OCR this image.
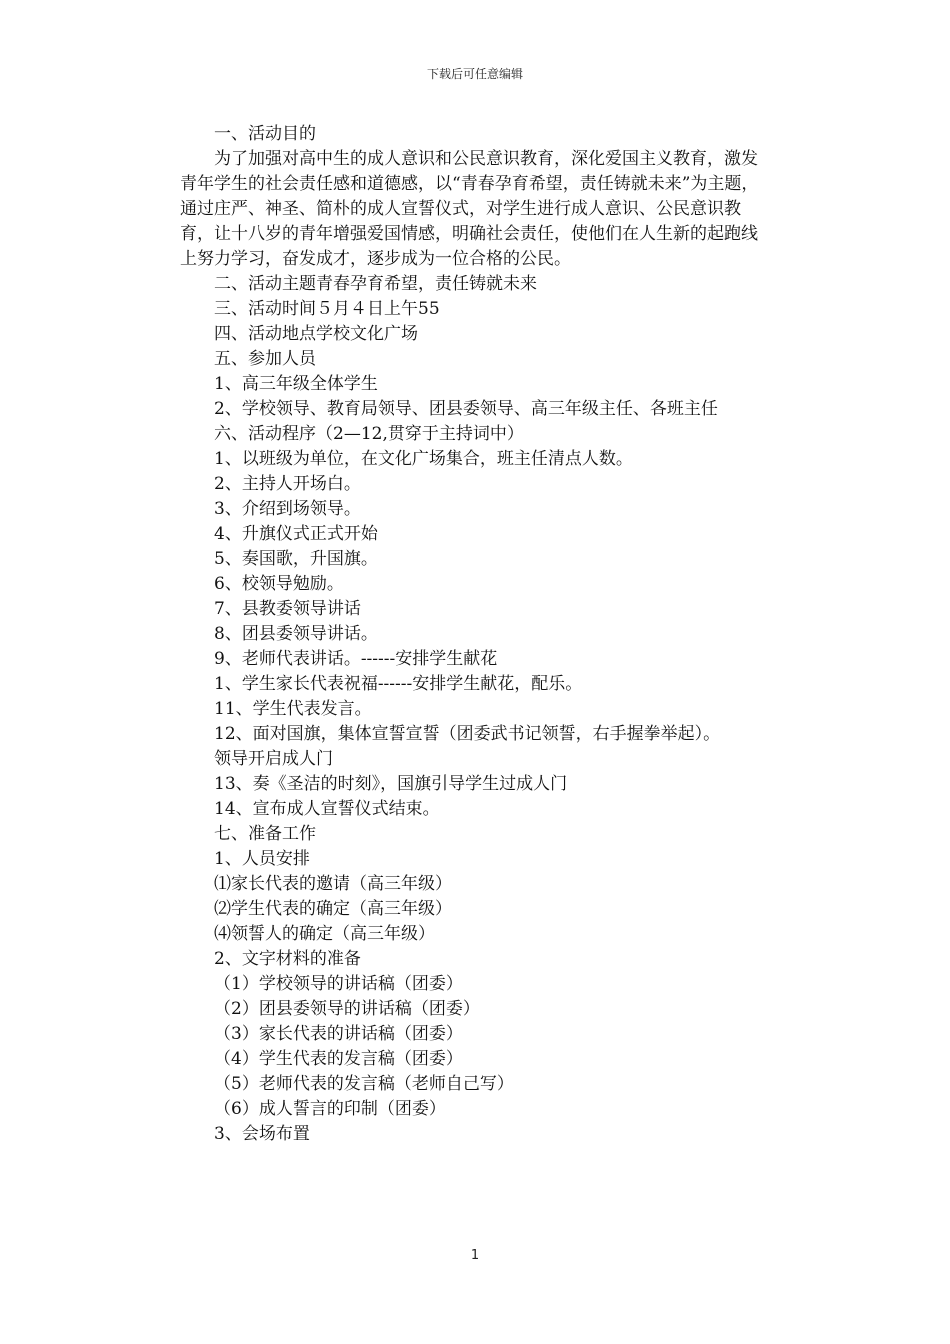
下载后可任意编辑

一、活动目的

为了加强对高中生的成人意识和公民意识教育，深化爱国主义教育，激发青年学生的社会责任感和道德感，以“青春孕育希望，责任铸就未来”为主题，通过庄严、神圣、简朴的成人宣誓仪式，对学生进行成人意识、公民意识教育，让十八岁的青年增强爱国情感，明确社会责任，使他们在人生新的起跑线上努力学习，奋发成才，逐步成为一位合格的公民。

二、活动主题青春孕育希望，责任铸就未来

三、活动时间５月４日上午55

四、活动地点学校文化广场

五、参加人员

1、高三年级全体学生

2、学校领导、教育局领导、团县委领导、高三年级主任、各班主任

六、活动程序（2—12,贯穿于主持词中）

1、以班级为单位，在文化广场集合，班主任清点人数。

2、主持人开场白。

3、介绍到场领导。

4、升旗仪式正式开始

5、奏国歌，升国旗。

6、校领导勉励。

7、县教委领导讲话

8、团县委领导讲话。

9、老师代表讲话。------安排学生献花

1、学生家长代表祝福------安排学生献花，配乐。

11、学生代表发言。

12、面对国旗，集体宣誓宣誓（团委武书记领誓，右手握拳举起）。

领导开启成人门

13、奏《圣洁的时刻》，国旗引导学生过成人门

14、宣布成人宣誓仪式结束。

七、准备工作

1、人员安排

⑴家长代表的邀请（高三年级）

⑵学生代表的确定（高三年级）

⑷领誓人的确定（高三年级）

2、文字材料的准备

（1）学校领导的讲话稿（团委）

（2）团县委领导的讲话稿（团委）

（3）家长代表的讲话稿（团委）

（4）学生代表的发言稿（团委）

（5）老师代表的发言稿（老师自己写）

（6）成人誓言的印制（团委）

3、会场布置

1
